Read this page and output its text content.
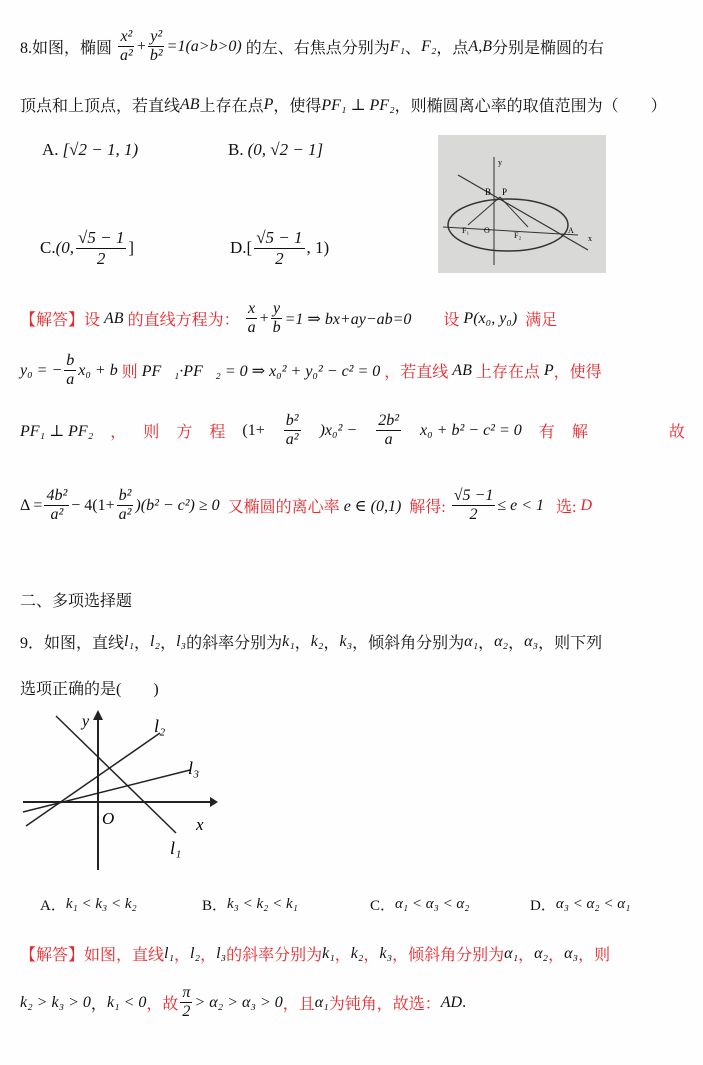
8.如图，椭圆 $\frac{\text{x²}}{\text{a²}} + \frac{\text{y²}}{\text{b²}} =1(a>b>0)$ 的左、右焦点分别为 F₁ 、 F₂ ，点 A,B 分别是椭圆的右
顶点和上顶点，若直线 AB 上存在点 P ，使得 PF₁ ⊥ PF₂ ，则椭圆离心率的取值范围为（　　）
【解答】设 AB 的直线方程为： $\frac{x}{a} + \frac{y}{b} =1$ ⇒ bx+ay−ab=0 　　设 P(x₀, y₀) 满足
y₀ = − $\frac{b}{a} x_0 + b$ 则 PF⃗₁·PF⃗₂ = 0 ⇒ x₀² + y₀² − c² = 0 ，若直线 AB 上存在点 P ，使得
PF₁ ⊥ PF₂ ， 则 方 程 $(1+ \frac{\text{b²}}{\text{a²}} )x_0^2 - \frac{\text{2b²}}{a} x_0 + b^2 - c^2 = 0$ 有 解 　　　　故
$\Delta = \frac{\text{4b²}}{\text{a²}} - 4(1+ \frac{\text{b²}}{\text{a²}} )(b^2 - c^2) \ge 0$ 又椭圆的离心率 e ∈ (0,1) 解得: $\frac{√5 -1}{2} \le e < 1$ 选: D
二、多项选择题
9．如图，直线 l₁ ， l₂ ， l₃ 的斜率分别为 k₁ ， k₂ ， k₃ ，倾斜角分别为 α₁ ， α₂ ， α₃ ，则下列
选项正确的是(　　)
【解答】如图，直线 l₁ ， l₂ ， l₃ 的斜率分别为 k₁ ， k₂ ， k₃ ，倾斜角分别为 α₁ ， α₂ ， α₃ ，则
k₂ > k₃ > 0 ， k₁ < 0 ，故 $\frac{\pi}{2} > \alpha_2 > \alpha_3 > 0$ ，且 α₁ 为钝角，故选： AD .
A. [√2 − 1, 1)	B. (0, √2 − 1]
C. (0, $\frac{√5 - 1}{2}$ ]	D. [ $\frac{√5 - 1}{2}$ , 1)
y
B P
F₁ O
F₂
A
x
y	l₂
l₃
O	x
l₁
A． k₁ < k₃ < k₂	B． k₃ < k₂ < k₁	C． α₁ < α₃ < α₂	D． α₃ < α₂ < α₁
